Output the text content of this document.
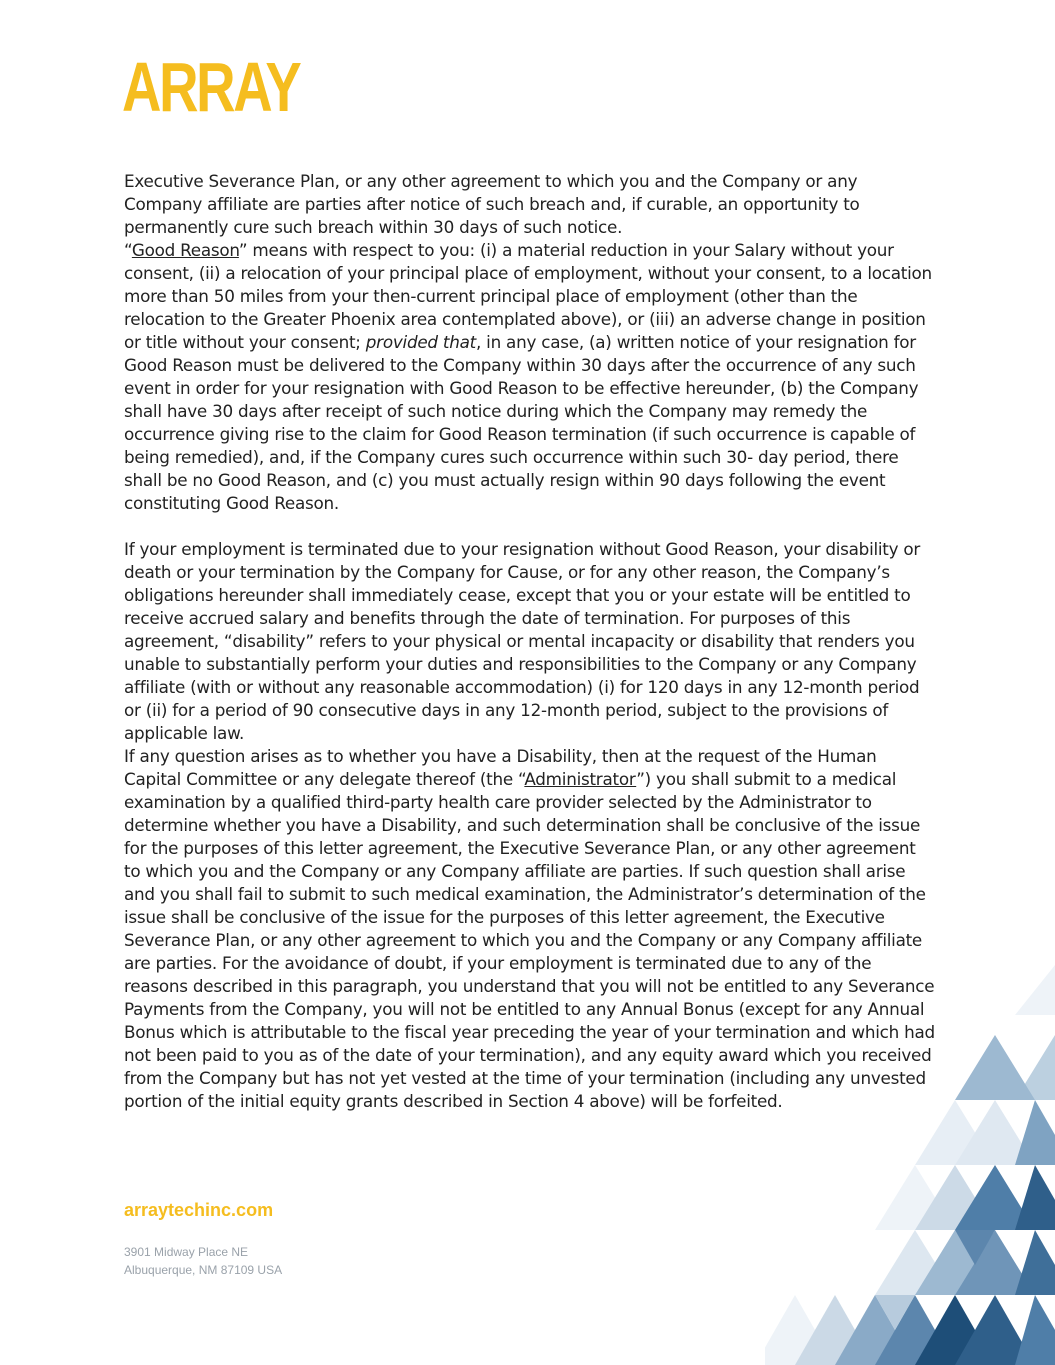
ARRAY

Executive Severance Plan, or any other agreement to which you and the Company or any Company affiliate are parties after notice of such breach and, if curable, an opportunity to permanently cure such breach within 30 days of such notice.

“Good Reason” means with respect to you: (i) a material reduction in your Salary without your consent, (ii) a relocation of your principal place of employment, without your consent, to a location more than 50 miles from your then-current principal place of employment (other than the relocation to the Greater Phoenix area contemplated above), or (iii) an adverse change in position or title without your consent; provided that, in any case, (a) written notice of your resignation for Good Reason must be delivered to the Company within 30 days after the occurrence of any such event in order for your resignation with Good Reason to be effective hereunder, (b) the Company shall have 30 days after receipt of such notice during which the Company may remedy the occurrence giving rise to the claim for Good Reason termination (if such occurrence is capable of being remedied), and, if the Company cures such occurrence within such 30- day period, there shall be no Good Reason, and (c) you must actually resign within 90 days following the event constituting Good Reason.

If your employment is terminated due to your resignation without Good Reason, your disability or death or your termination by the Company for Cause, or for any other reason, the Company’s obligations hereunder shall immediately cease, except that you or your estate will be entitled to receive accrued salary and benefits through the date of termination. For purposes of this agreement, “disability” refers to your physical or mental incapacity or disability that renders you unable to substantially perform your duties and responsibilities to the Company or any Company affiliate (with or without any reasonable accommodation) (i) for 120 days in any 12-month period or (ii) for a period of 90 consecutive days in any 12-month period, subject to the provisions of applicable law.

If any question arises as to whether you have a Disability, then at the request of the Human Capital Committee or any delegate thereof (the “Administrator”) you shall submit to a medical examination by a qualified third-party health care provider selected by the Administrator to determine whether you have a Disability, and such determination shall be conclusive of the issue for the purposes of this letter agreement, the Executive Severance Plan, or any other agreement to which you and the Company or any Company affiliate are parties. If such question shall arise and you shall fail to submit to such medical examination, the Administrator’s determination of the issue shall be conclusive of the issue for the purposes of this letter agreement, the Executive Severance Plan, or any other agreement to which you and the Company or any Company affiliate are parties. For the avoidance of doubt, if your employment is terminated due to any of the reasons described in this paragraph, you understand that you will not be entitled to any Severance Payments from the Company, you will not be entitled to any Annual Bonus (except for any Annual Bonus which is attributable to the fiscal year preceding the year of your termination and which had not been paid to you as of the date of your termination), and any equity award which you received from the Company but has not yet vested at the time of your termination (including any unvested portion of the initial equity grants described in Section 4 above) will be forfeited.

arraytechinc.com
3901 Midway Place NE
Albuquerque, NM 87109 USA
